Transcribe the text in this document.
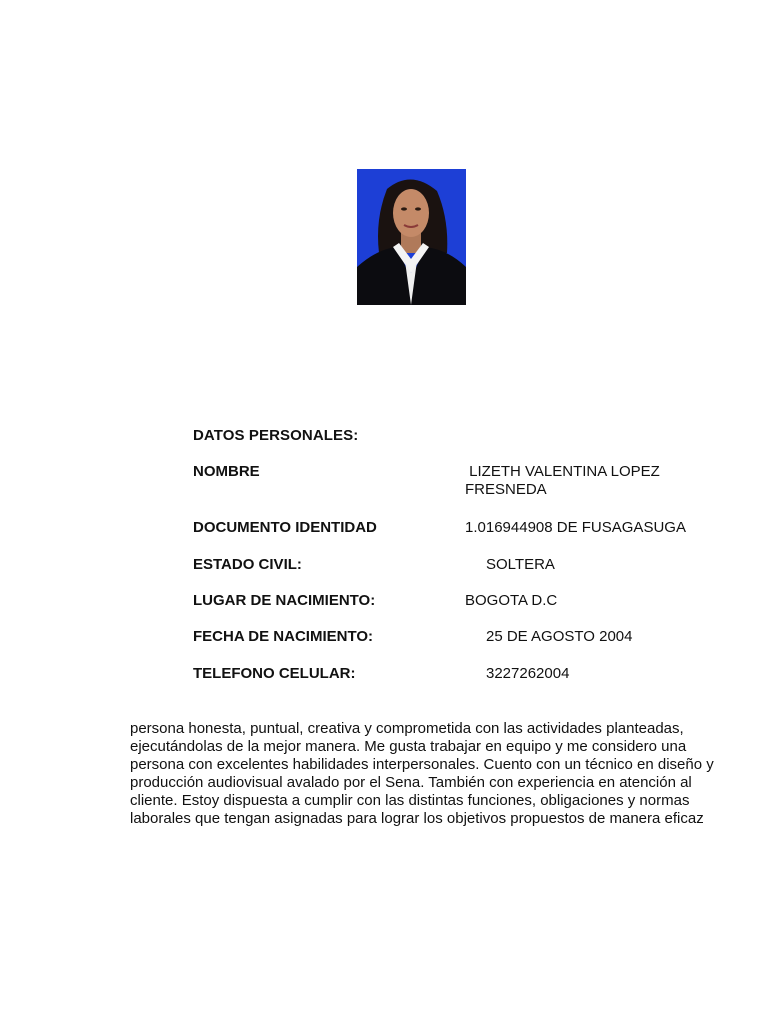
DATOS PERSONALES:
NOMBRE	LIZETH VALENTINA LOPEZ FRESNEDA
DOCUMENTO IDENTIDAD	1.016944908 DE FUSAGASUGA
ESTADO CIVIL:	SOLTERA
LUGAR DE NACIMIENTO:	BOGOTA D.C
FECHA DE NACIMIENTO:	25 DE AGOSTO 2004
TELEFONO CELULAR:	3227262004
persona honesta, puntual, creativa y comprometida con las actividades planteadas, ejecutándolas de la mejor manera. Me gusta trabajar en equipo y me considero una persona con excelentes habilidades interpersonales. Cuento con un técnico en diseño y producción audiovisual avalado por el Sena. También con experiencia en atención al cliente. Estoy dispuesta a cumplir con las distintas funciones, obligaciones y normas laborales que tengan asignadas para lograr los objetivos propuestos de manera eficaz
